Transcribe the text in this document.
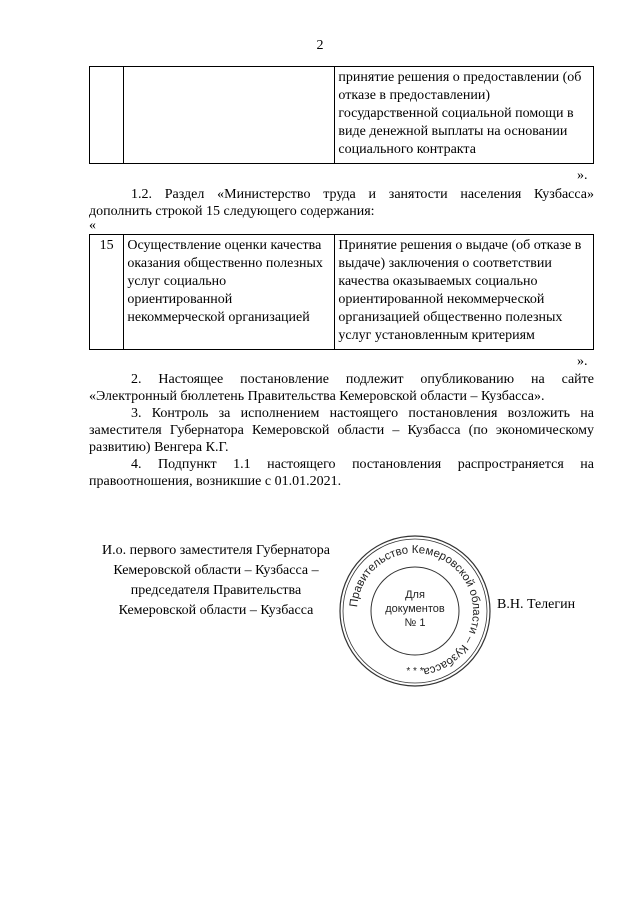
2
		принятие решения о предоставлении (об отказе в предоставлении) государственной социальной помощи в виде денежной выплаты на основании социального контракта
».

1.2. Раздел «Министерство труда и занятости населения Кузбасса» дополнить строкой 15 следующего содержания:

«
15	Осуществление оценки качества оказания общественно полезных услуг социально ориентированной некоммерческой организацией	Принятие решения о выдаче (об отказе в выдаче) заключения о соответствии качества оказываемых социально ориентированной некоммерческой организацией общественно полезных услуг установленным критериям
».

2. Настоящее постановление подлежит опубликованию на сайте «Электронный бюллетень Правительства Кемеровской области – Кузбасса».

3. Контроль за исполнением настоящего постановления возложить на заместителя Губернатора Кемеровской области – Кузбасса (по экономическому развитию) Венгера К.Г.

4. Подпункт 1.1 настоящего постановления распространяется на правоотношения, возникшие с 01.01.2021.

И.о. первого заместителя Губернатора
Кемеровской области – Кузбасса –
председателя Правительства
Кемеровской области – Кузбасса
Правительство Кемеровской области – Кузбасса
* * *
Для
документов
№ 1
В.Н. Телегин
